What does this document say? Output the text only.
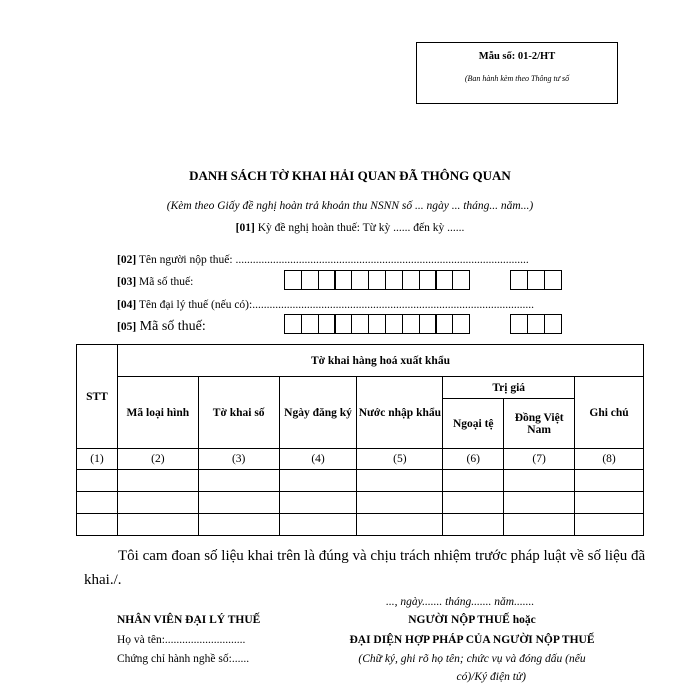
Mẫu số: 01-2/HT
(Ban hành kèm theo Thông tư số
DANH SÁCH TỜ KHAI HẢI QUAN ĐÃ THÔNG QUAN
(Kèm theo Giấy đề nghị hoàn trả khoản thu NSNN số ... ngày ... tháng... năm...)
[01] Kỳ đề nghị hoàn thuế: Từ kỳ ...... đến kỳ ......
[02] Tên người nộp thuế: ......................................................................................................
[03] Mã số thuế:
[04] Tên đại lý thuế (nếu có):..................................................................................................
[05] Mã số thuế:
STT	Tờ khai hàng hoá xuất khẩu						
	Mã loại hình	Tờ khai số	Ngày đăng ký	Nước nhập khẩu	Trị giá		Ghi chú
					Ngoại tệ	Đồng Việt Nam	
(1)	(2)	(3)	(4)	(5)	(6)	(7)	(8)

Tôi cam đoan số liệu khai trên là đúng và chịu trách nhiệm trước pháp luật về số liệu đã khai./.
..., ngày....... tháng....... năm.......
NHÂN VIÊN ĐẠI LÝ THUẾ
Họ và tên:............................
Chứng chỉ hành nghề số:......
NGƯỜI NỘP THUẾ hoặc
ĐẠI DIỆN HỢP PHÁP CỦA NGƯỜI NỘP THUẾ
(Chữ ký, ghi rõ họ tên; chức vụ và đóng dấu (nếu
có)/Ký điện tử)
